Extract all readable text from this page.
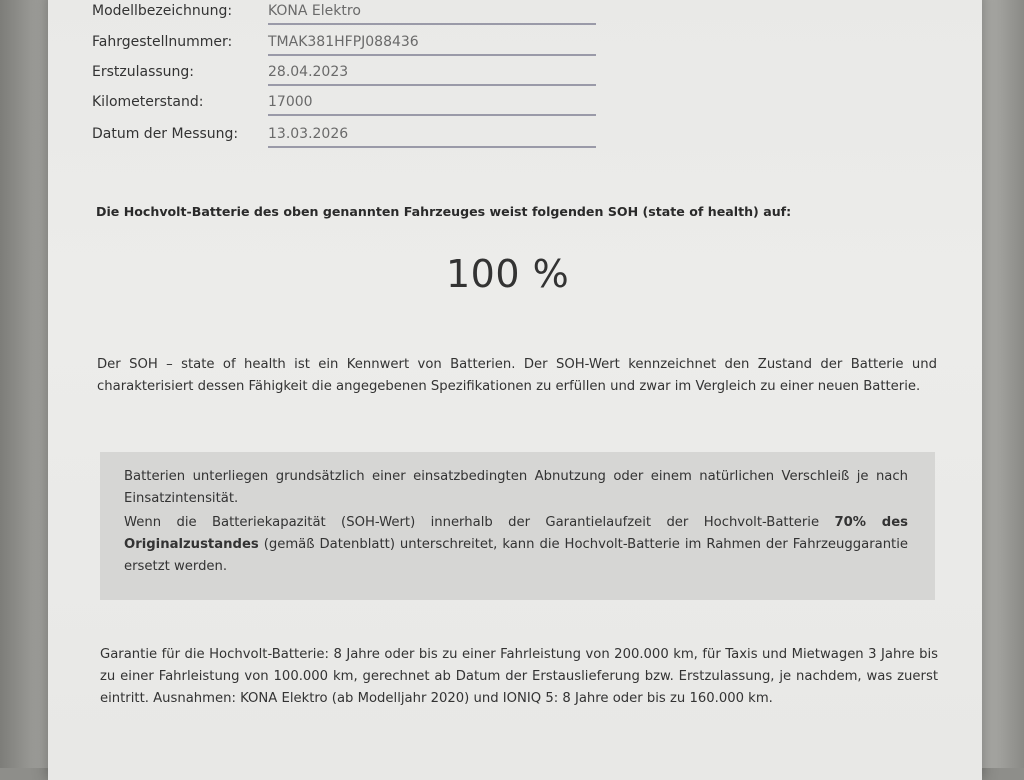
Modellbezeichnung:	KONA Elektro
Fahrgestellnummer:	TMAK381HFPJ088436
Erstzulassung:	28.04.2023
Kilometerstand:	17000
Datum der Messung: 13.03.2026
Die Hochvolt-Batterie des oben genannten Fahrzeuges weist folgenden SOH (state of health) auf:
100 %
Der SOH – state of health ist ein Kennwert von Batterien. Der SOH-Wert kennzeichnet den Zustand der Batterie und charakterisiert dessen Fähigkeit die angegebenen Spezifikationen zu erfüllen und zwar im Vergleich zu einer neuen Batterie.
Batterien unterliegen grundsätzlich einer einsatzbedingten Abnutzung oder einem natürlichen Verschleiß je nach Einsatzintensität.
Wenn die Batteriekapazität (SOH-Wert) innerhalb der Garantielaufzeit der Hochvolt-Batterie 70% des Originalzustandes (gemäß Datenblatt) unterschreitet, kann die Hochvolt-Batterie im Rahmen der Fahrzeuggarantie ersetzt werden.
Garantie für die Hochvolt-Batterie: 8 Jahre oder bis zu einer Fahrleistung von 200.000 km, für Taxis und Mietwagen 3 Jahre bis zu einer Fahrleistung von 100.000 km, gerechnet ab Datum der Erstauslieferung bzw. Erstzulassung, je nachdem, was zuerst eintritt. Ausnahmen: KONA Elektro (ab Modelljahr 2020) und IONIQ 5: 8 Jahre oder bis zu 160.000 km.
